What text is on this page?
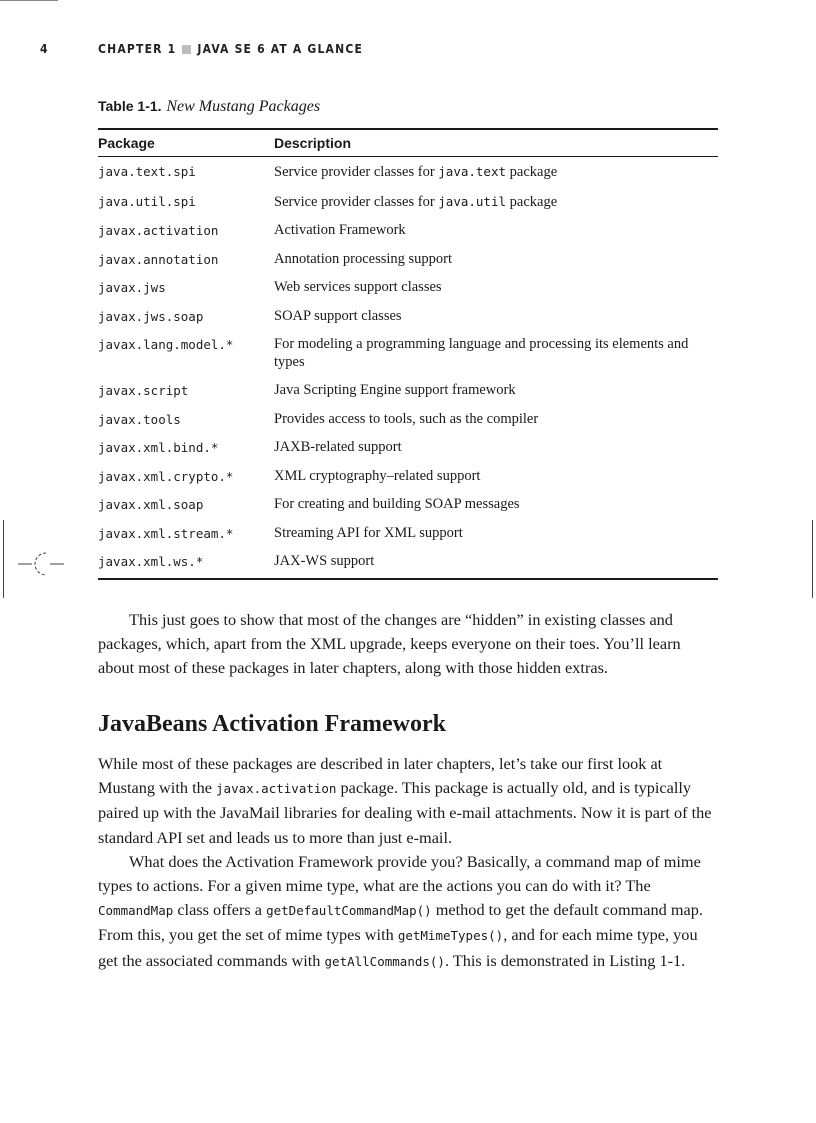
4	CHAPTER 1 JAVA SE 6 AT A GLANCE
Table 1-1. New Mustang Packages
Package	Description
java.text.spi	Service provider classes for java.text package
java.util.spi	Service provider classes for java.util package
javax.activation	Activation Framework
javax.annotation	Annotation processing support
javax.jws	Web services support classes
javax.jws.soap	SOAP support classes
javax.lang.model.*	For modeling a programming language and processing its elements and types
javax.script	Java Scripting Engine support framework
javax.tools	Provides access to tools, such as the compiler
javax.xml.bind.*	JAXB-related support
javax.xml.crypto.*	XML cryptography–related support
javax.xml.soap	For creating and building SOAP messages
javax.xml.stream.*	Streaming API for XML support
javax.xml.ws.*	JAX-WS support

This just goes to show that most of the changes are “hidden” in existing classes and packages, which, apart from the XML upgrade, keeps everyone on their toes. You’ll learn about most of these packages in later chapters, along with those hidden extras.

JavaBeans Activation Framework

While most of these packages are described in later chapters, let’s take our first look at Mustang with the javax.activation package. This package is actually old, and is typically paired up with the JavaMail libraries for dealing with e-mail attachments. Now it is part of the standard API set and leads us to more than just e-mail.

What does the Activation Framework provide you? Basically, a command map of mime types to actions. For a given mime type, what are the actions you can do with it? The CommandMap class offers a getDefaultCommandMap() method to get the default command map. From this, you get the set of mime types with getMimeTypes(), and for each mime type, you get the associated commands with getAllCommands(). This is demonstrated in Listing 1-1.
